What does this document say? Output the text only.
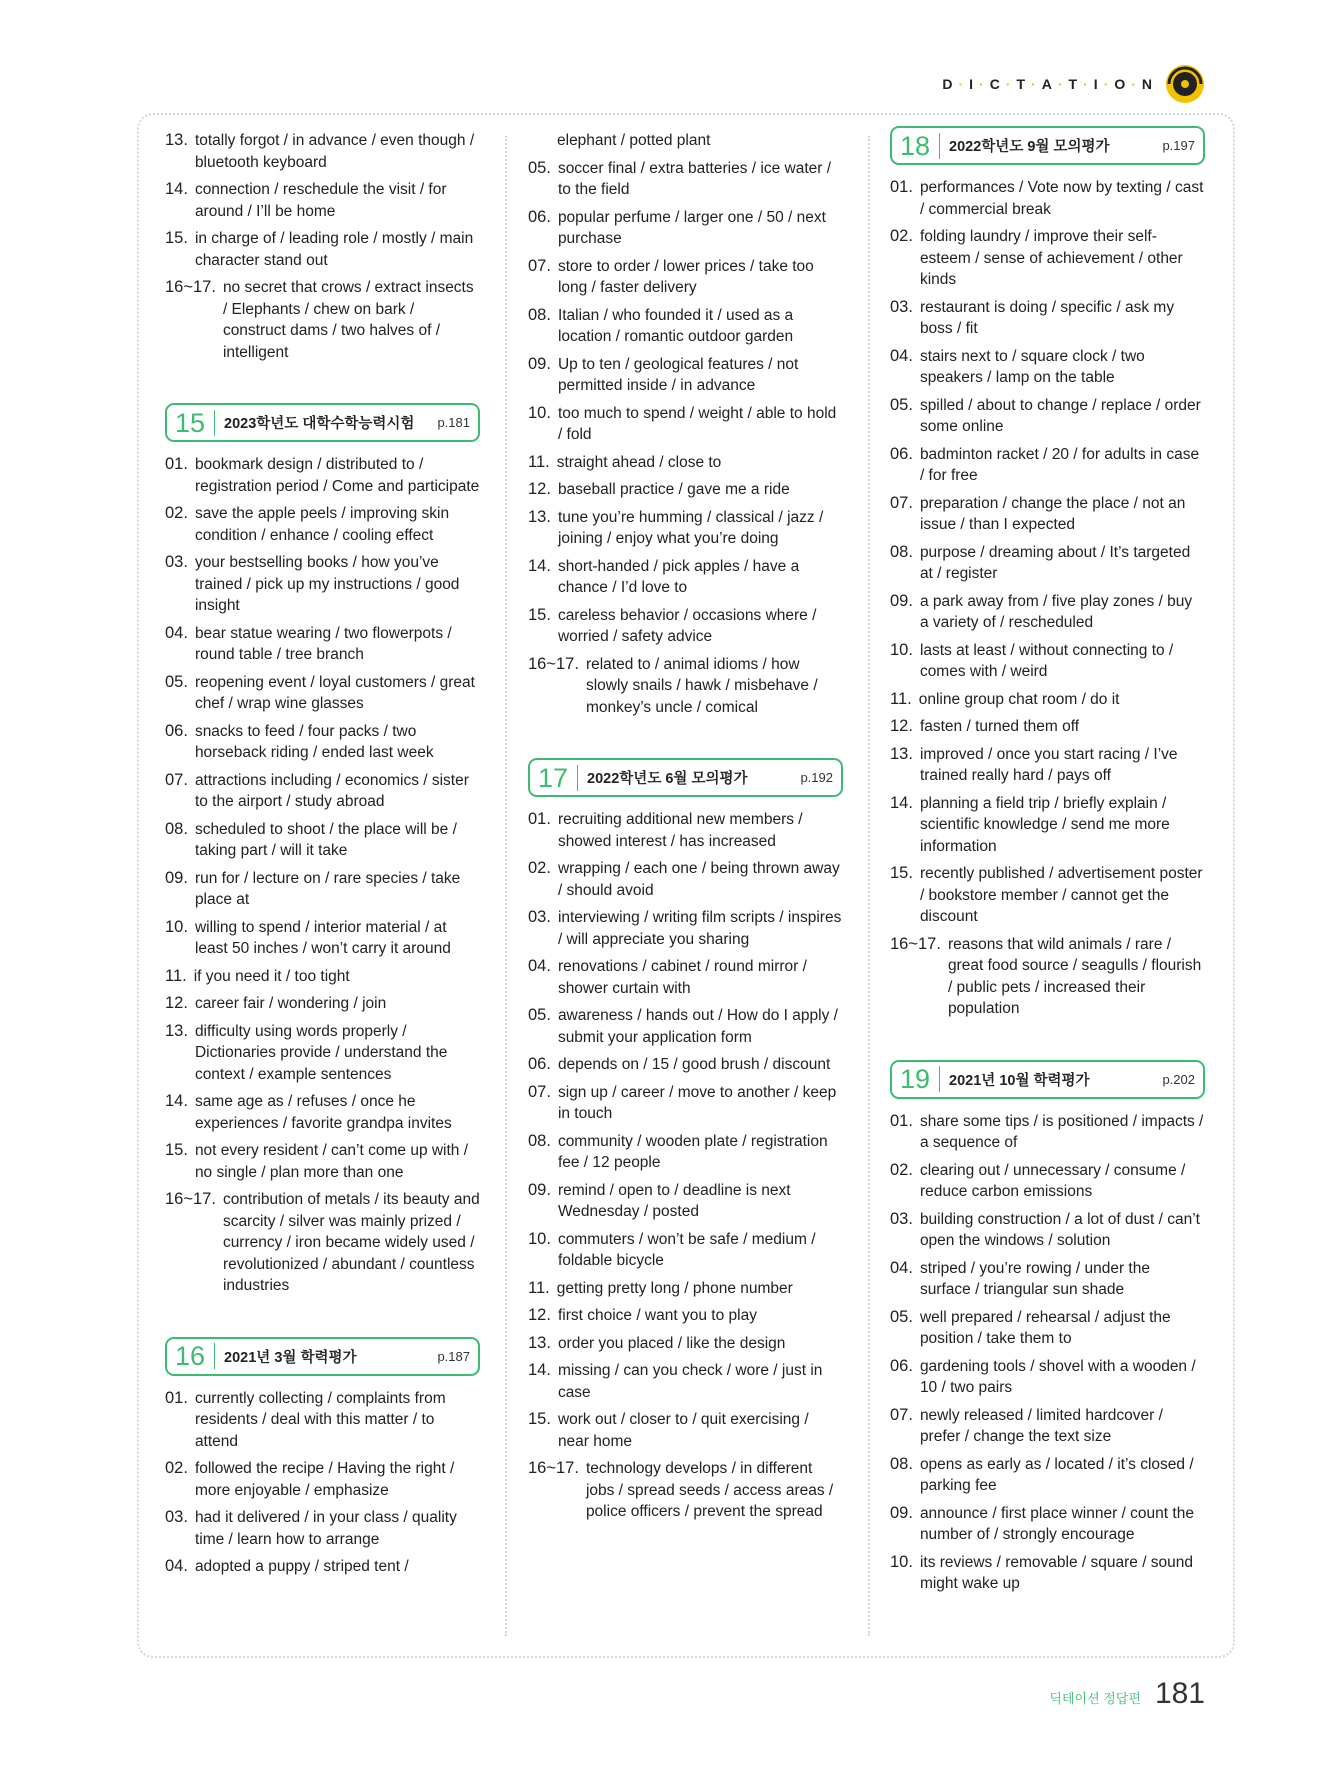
D · I · C · T · A · T · I · O · N
13. totally forgot / in advance / even though / bluetooth keyboard
14. connection / reschedule the visit / for around / I’ll be home
15. in charge of / leading role / mostly / main character stand out
16~17. no secret that crows / extract insects / Elephants / chew on bark / construct dams / two halves of / intelligent
15	2023학년도 대학수학능력시험	p.181
01. bookmark design / distributed to / registration period / Come and participate
02. save the apple peels / improving skin condition / enhance / cooling effect
03. your bestselling books / how you’ve trained / pick up my instructions / good insight
04. bear statue wearing / two flowerpots / round table / tree branch
05. reopening event / loyal customers / great chef / wrap wine glasses
06. snacks to feed / four packs / two horseback riding / ended last week
07. attractions including / economics / sister to the airport / study abroad
08. scheduled to shoot / the place will be / taking part / will it take
09. run for / lecture on / rare species / take place at
10. willing to spend / interior material / at least 50 inches / won’t carry it around
11. if you need it / too tight
12. career fair / wondering / join
13. difficulty using words properly / Dictionaries provide / understand the context / example sentences
14. same age as / refuses / once he experiences / favorite grandpa invites
15. not every resident / can’t come up with / no single / plan more than one
16~17. contribution of metals / its beauty and scarcity / silver was mainly prized / currency / iron became widely used / revolutionized / abundant / countless industries
16	2021년 3월 학력평가	p.187
01. currently collecting / complaints from residents / deal with this matter / to attend
02. followed the recipe / Having the right / more enjoyable / emphasize
03. had it delivered / in your class / quality time / learn how to arrange
04. adopted a puppy / striped tent /
elephant / potted plant
05. soccer final / extra batteries / ice water / to the field
06. popular perfume / larger one / 50 / next purchase
07. store to order / lower prices / take too long / faster delivery
08. Italian / who founded it / used as a location / romantic outdoor garden
09. Up to ten / geological features / not permitted inside / in advance
10. too much to spend / weight / able to hold / fold
11. straight ahead / close to
12. baseball practice / gave me a ride
13. tune you’re humming / classical / jazz / joining / enjoy what you’re doing
14. short-handed / pick apples / have a chance / I’d love to
15. careless behavior / occasions where / worried / safety advice
16~17. related to / animal idioms / how slowly snails / hawk / misbehave / monkey’s uncle / comical
17	2022학년도 6월 모의평가	p.192
01. recruiting additional new members / showed interest / has increased
02. wrapping / each one / being thrown away / should avoid
03. interviewing / writing film scripts / inspires / will appreciate you sharing
04. renovations / cabinet / round mirror / shower curtain with
05. awareness / hands out / How do I apply / submit your application form
06. depends on / 15 / good brush / discount
07. sign up / career / move to another / keep in touch
08. community / wooden plate / registration fee / 12 people
09. remind / open to / deadline is next Wednesday / posted
10. commuters / won’t be safe / medium / foldable bicycle
11. getting pretty long / phone number
12. first choice / want you to play
13. order you placed / like the design
14. missing / can you check / wore / just in case
15. work out / closer to / quit exercising / near home
16~17. technology develops / in different jobs / spread seeds / access areas / police officers / prevent the spread
18	2022학년도 9월 모의평가	p.197
01. performances / Vote now by texting / cast / commercial break
02. folding laundry / improve their self-esteem / sense of achievement / other kinds
03. restaurant is doing / specific / ask my boss / fit
04. stairs next to / square clock / two speakers / lamp on the table
05. spilled / about to change / replace / order some online
06. badminton racket / 20 / for adults in case / for free
07. preparation / change the place / not an issue / than I expected
08. purpose / dreaming about / It’s targeted at / register
09. a park away from / five play zones / buy a variety of / rescheduled
10. lasts at least / without connecting to / comes with / weird
11. online group chat room / do it
12. fasten / turned them off
13. improved / once you start racing / I’ve trained really hard / pays off
14. planning a field trip / briefly explain / scientific knowledge / send me more information
15. recently published / advertisement poster / bookstore member / cannot get the discount
16~17. reasons that wild animals / rare / great food source / seagulls / flourish / public pets / increased their population
19	2021년 10월 학력평가	p.202
01. share some tips / is positioned / impacts / a sequence of
02. clearing out / unnecessary / consume / reduce carbon emissions
03. building construction / a lot of dust / can’t open the windows / solution
04. striped / you’re rowing / under the surface / triangular sun shade
05. well prepared / rehearsal / adjust the position / take them to
06. gardening tools / shovel with a wooden / 10 / two pairs
07. newly released / limited hardcover / prefer / change the text size
08. opens as early as / located / it’s closed / parking fee
09. announce / first place winner / count the number of / strongly encourage
10. its reviews / removable / square / sound might wake up
딕테이션 정답편 181
